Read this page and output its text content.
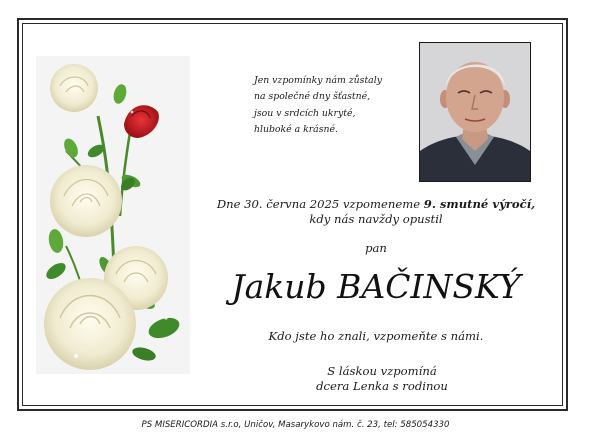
Jen vzpomínky nám zůstaly
na společné dny šťastné,
jsou v srdcích ukryté,
hluboké a krásné.
Dne 30. června 2025 vzpomeneme 9. smutné výročí,
kdy nás navždy opustil
pan
Jakub BAČINSKÝ
Kdo jste ho znali, vzpomeňte s námi.
S láskou vzpomíná
dcera Lenka s rodinou
PS MISERICORDIA s.r.o, Uničov, Masarykovo nám. č. 23, tel: 585054330
